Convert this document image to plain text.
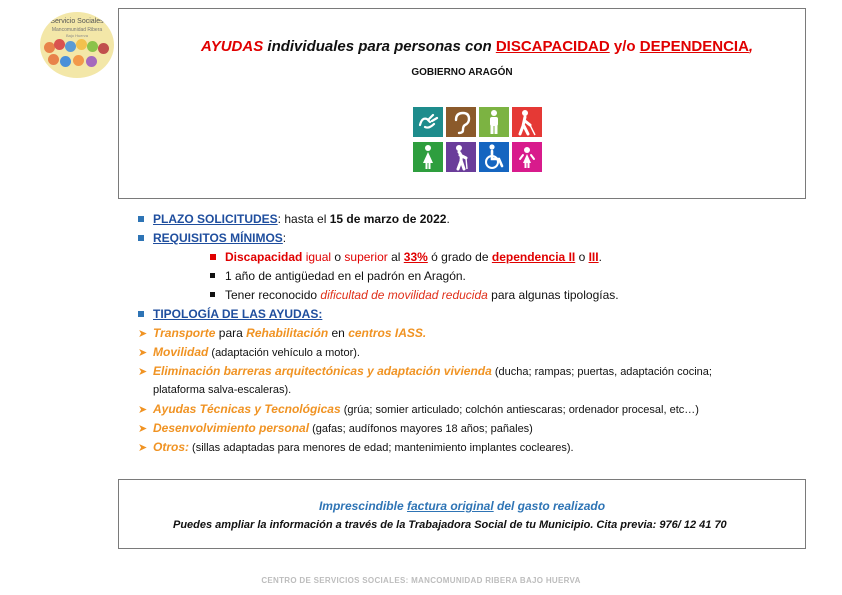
Servicio Sociales
Mancomunidad Ribera
Bajo Huerva
AYUDAS individuales para personas con DISCAPACIDAD y/o DEPENDENCIA,
GOBIERNO ARAGÓN
PLAZO SOLICITUDES: hasta el 15 de marzo de 2022.
REQUISITOS MÍNIMOS:
Discapacidad igual o superior al 33% ó grado de dependencia II o III.
1 año de antigüedad en el padrón en Aragón.
Tener reconocido dificultad de movilidad reducida para algunas tipologías.
TIPOLOGÍA DE LAS AYUDAS:
➤ Transporte para Rehabilitación en centros IASS.
➤ Movilidad (adaptación vehículo a motor).
➤ Eliminación barreras arquitectónicas y adaptación vivienda (ducha; rampas; puertas, adaptación cocina;
plataforma salva-escaleras).
➤ Ayudas Técnicas y Tecnológicas (grúa; somier articulado; colchón antiescaras; ordenador procesal, etc…)
➤ Desenvolvimiento personal (gafas; audífonos mayores 18 años; pañales)
➤ Otros: (sillas adaptadas para menores de edad; mantenimiento implantes cocleares).
Imprescindible factura original del gasto realizado
Puedes ampliar la información a través de la Trabajadora Social de tu Municipio. Cita previa: 976/ 12 41 70
CENTRO DE SERVICIOS SOCIALES: MANCOMUNIDAD RIBERA BAJO HUERVA
